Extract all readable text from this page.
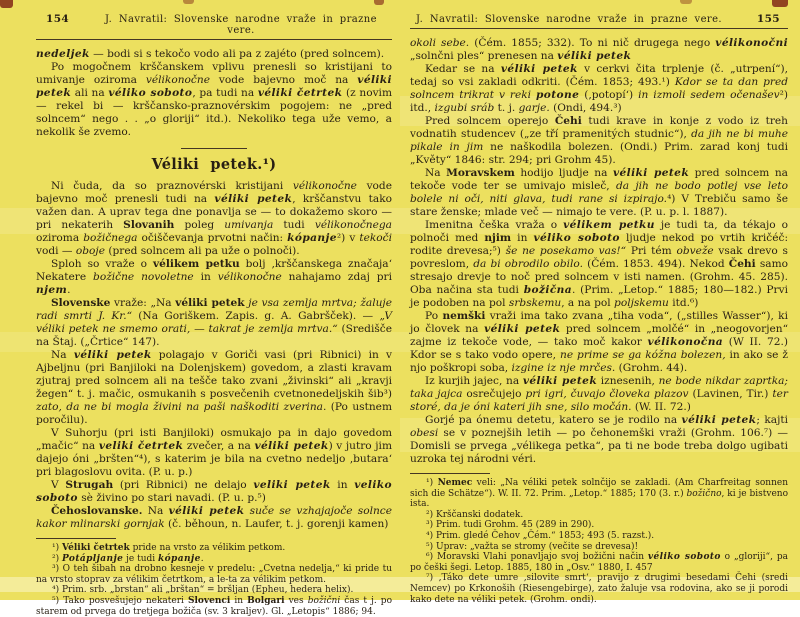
154	J. Navratil: Slovenske narodne vraže in prazne vere.

nedeljek — bodi si s tekočo vodo ali pa z zajéto (pred solncem).

Po mogočnem krščanskem vplivu prenesli so kristijani to umivanje oziroma vélikonočne vode bajevno moč na véliki petek ali na véliko soboto, pa tudi na véliki četrtek (z novim — rekel bi — krščansko-praznovérskim pogojem: ne „pred solncem“ nego . . „o gloriji“ itd.). Nekoliko tega uže vemo, a nekolik še zvemo.

Véliki petek.¹)

Ni čuda, da so praznovérski kristijani vélikonočne vode bajevno moč prenesli tudi na véliki petek, krščanstvu tako važen dan. A uprav tega dne ponavlja se — to dokažemo skoro — pri nekaterih Slovanih poleg umivanja tudi vélikonočnega oziroma božičnega očiščevanja prvotni način: kópanje²) v tekoči vodi — oboje (pred solncem ali pa uže o polnoči).

Sploh so vraže o vélikem petku bolj ‚krščanskega značaja‘ Nekatere božične novoletne in vélikonočne nahajamo zdaj pri njem.

Slovenske vraže: „Na véliki petek je vsa zemlja mrtva; žaluje radi smrti J. Kr.“ (Na Goriškem. Zapis. g. A. Gabršček). — „V véliki petek ne smemo orati, — takrat je zemlja mrtva.“ (Središče na Štaj. („Črtice“ 147).

Na véliki petek polagajo v Goriči vasi (pri Ribnici) in v Ajbeljnu (pri Banjiloki na Dolenjskem) govedom, a zlasti kravam zjutraj pred solncem ali na tešče tako zvani „živinski“ ali „kravji žegen“ t. j. mačic, osmukanih s posvečenih cvetnonedeljskih šib³) zato, da ne bi mogla živini na paši naškoditi zverina. (Po ustnem poročilu).

V Suhorju (pri isti Banjiloki) osmukajo pa in dajo govedom „mačic“ na veliki četrtek zvečer, a na véliki petek) v jutro jim dajejo óni „bršten“⁴), s katerim je bila na cvetno nedeljo ‚butara‘ pri blagoslovu ovita. (P. u. p.)

V Strugah (pri Ribnici) ne delajo veliki petek in veliko soboto sè živino po stari navadi. (P. u. p.⁵)

Čehoslovanske. Na véliki petek suče se vzhajajoče solnce kakor mlinarski gornjak (č. běhoun, n. Laufer, t. j. gorenji kamen)

¹) Véliki četrtek pride na vrsto za vélikim petkom.

²) Potápljanje je tudi kópanje.

³) O teh šibah na drobno kesneje v predelu: „Cvetna nedelja,“ ki pride tu na vrsto stoprav za vélikim četrtkom, a le-ta za vélikim petkom.

⁴) Prim. srb. „brstan“ ali „brštan“ = bršljan (Epheu, hedera helix).

⁵) Tako posvešujejo nekateri Slovenci in Bolgari ves božični čas t j. po starem od prvega do tretjega božiča (sv. 3 kraljev). Gl. „Letopis“ 1886; 94.

J. Navratil: Slovenske narodne vraže in prazne vere.	155

okoli sebe. (Čém. 1855; 332). To ni nič drugega nego vélikonočni „solnčni ples“ prenesen na véliki petek

Kedar se na véliki petek v cerkvi čita trplenje (č. „utrpení“), tedaj so vsi zakladi odkriti. (Čém. 1853; 493.¹) Kdor se ta dan pred solncem trikrat v reki potone (‚potopí‘) in izmoli sedem očenašev²) itd., izgubi sráb t. j. garje. (Ondi, 494.³)

Pred solncem operejo Čehi tudi krave in konje z vodo iz treh vodnatih studencev („ze tří pramenitých studnic“), da jih ne bi muhe pikale in jim ne naškodila bolezen. (Ondi.) Prim. zarad konj tudi „Květy“ 1846: str. 294; pri Grohm 45).

Na Moravskem hodijo ljudje na véliki petek pred solncem na tekoče vode ter se umivajo misleč, da jih ne bodo potlej vse leto bolele ni oči, niti glava, tudi rane si izpirajo.⁴) V Trebiču samo še stare ženske; mlade več — nimajo te vere. (P. u. p. l. 1887).

Imenitna češka vraža o vélikem petku je tudi ta, da tékajo o polnoči med njim in véliko soboto ljudje nekod po vrtih kričéč: rodite drevesa;⁵) še ne posekamo vas!“ Pri tém obveže vsak drevo s povreslom, da bi obrodilo obilo. (Čém. 1853. 494). Nekod Čehi samo stresajo drevje to noč pred solncem v isti namen. (Grohm. 45. 285). Oba načina sta tudi božična. (Prim. „Letop.“ 1885; 180—182.) Prvi je podoben na pol srbskemu, a na pol poljskemu itd.⁶)

Po nemški vraži ima tako zvana „tiha voda“, („stilles Wasser“), ki jo človek na véliki petek pred solncem „molčé“ in „neogovorjen“ zajme iz tekoče vode, — tako moč kakor vélikonočna (W II. 72.) Kdor se s tako vodo opere, ne prime se ga kóžna bolezen, in ako se ž njo poškropi soba, izgine iz nje mrčes. (Grohm. 44).

Iz kurjih jajec, na véliki petek iznesenih, ne bode nikdar zaprtka; taka jajca osrečujejo pri igri, čuvajo človeka plazov (Lavinen, Tir.) ter storé, da je óni kateri jih sne, silo močán. (W. II. 72.)

Gorjé pa ónemu detetu, katero se je rodilo na véliki petek; kajti obesi se v poznejših letih — po čehonemški vraži (Grohm. 106.⁷) — Domisli se prvega „vélikega petka“, pa ti ne bode treba dolgo ugibati uzroka tej národni véri.

¹) Nemec veli: „Na véliki petek solnčijo se zakladi. (Am Charfreitag sonnen sich die Schätze“). W. II. 72. Prim. „Letop.“ 1885; 170 (3. r.) božično, ki je bistveno ista.

²) Krščanski dodatek.

³) Prim. tudi Grohm. 45 (289 in 290).

⁴) Prim. gledé Čehov „Čém.“ 1853; 493 (5. razst.).

⁵) Uprav: „važta se stromy (večite se drevesa)!

⁶) Moravski Vlahi ponavljajo svoj božični način véliko soboto o „gloriji“, pa po češki šegi. Letop. 1885, 180 in „Osv.“ 1880, I. 457

⁷) ‚Táko dete umre ‚silovite smrt‘, pravijo z drugimi besedami Čehi (sredi Nemcev) po Krkonoših (Riesengebirge), zato žaluje vsa rodovina, ako se ji porodi kako dete na véliki petek. (Grohm. ondi).
